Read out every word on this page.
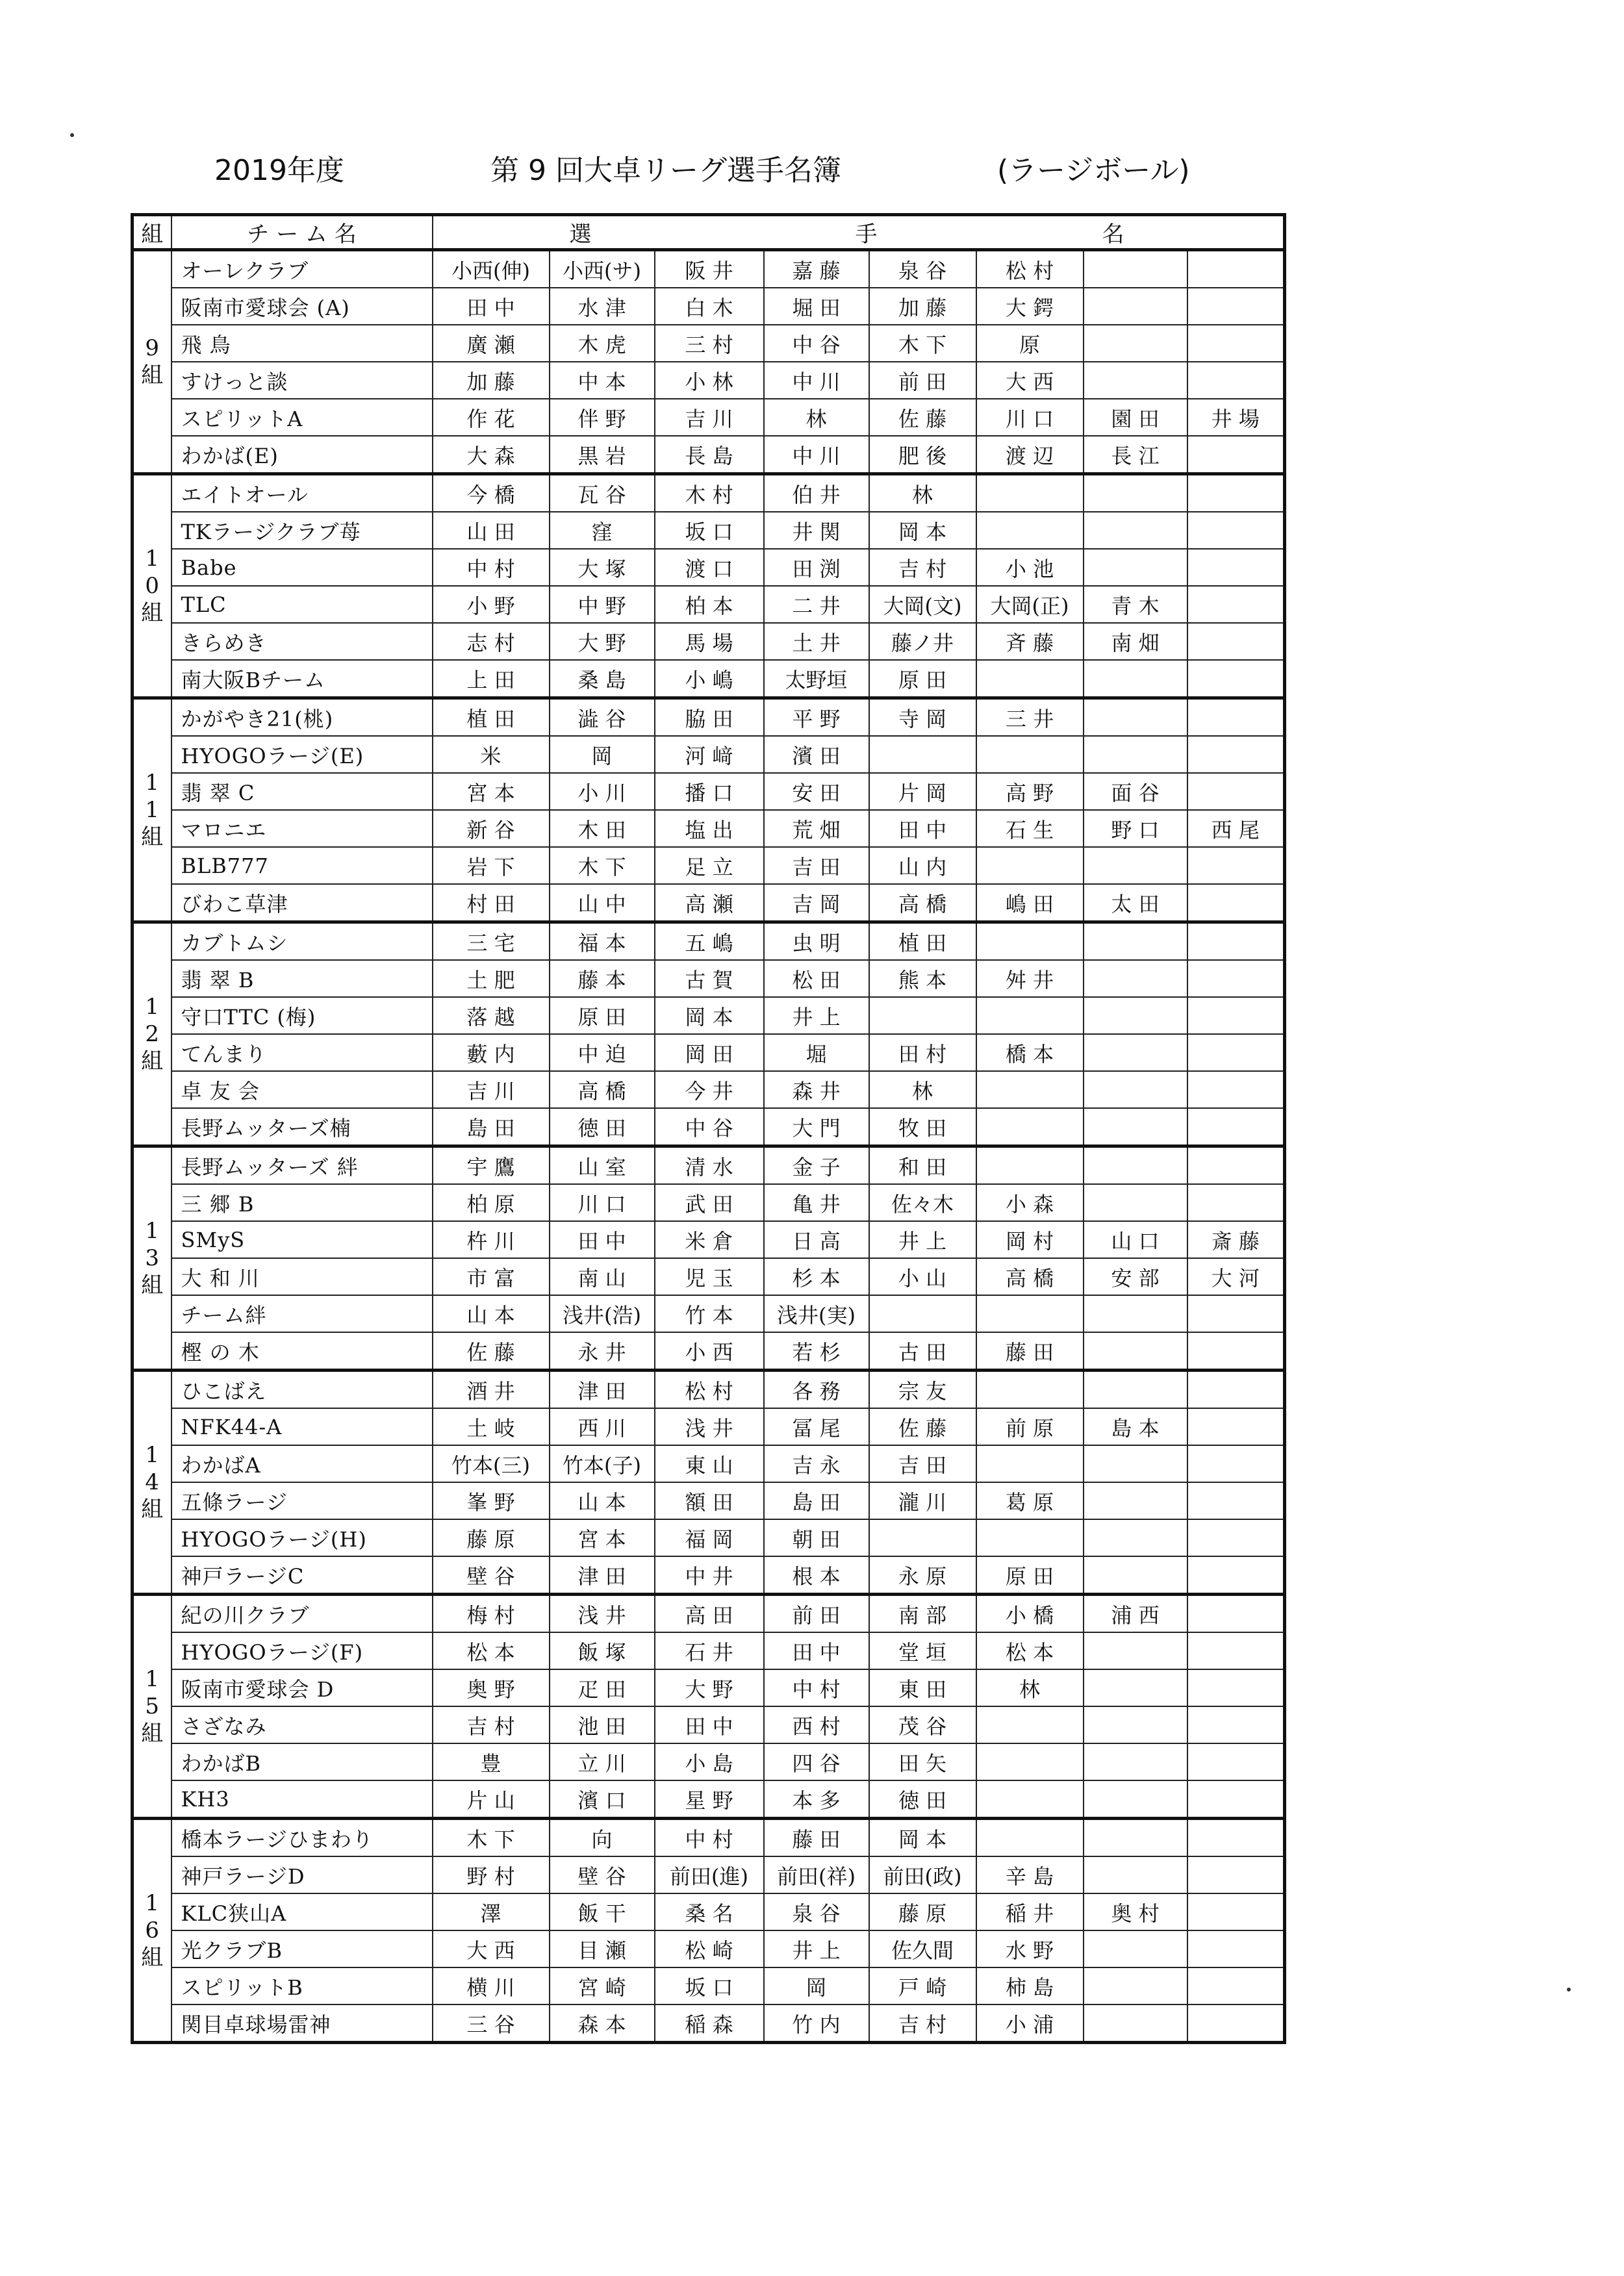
2019年度	第 9 回大卓リーグ選手名簿	(ラージボール)
組	チ ー ム 名	選 手 名							

9組	オーレクラブ	小西(伸)	小西(サ)	阪 井	嘉 藤	泉 谷	松 村		
	阪南市愛球会 (A)	田 中	水 津	白 木	堀 田	加 藤	大 鍔		
	飛 鳥	廣 瀬	木 虎	三 村	中 谷	木 下	原		
	すけっと談	加 藤	中 本	小 林	中 川	前 田	大 西		
	スピリットA	作 花	伴 野	吉 川	林	佐 藤	川 口	園 田	井 場
	わかば(E)	大 森	黒 岩	長 島	中 川	肥 後	渡 辺	長 江	
10組	エイトオール	今 橋	瓦 谷	木 村	伯 井	林			
	TKラージクラブ苺	山 田	窪	坂 口	井 関	岡 本			
	Babe	中 村	大 塚	渡 口	田 渕	吉 村	小 池		
	TLC	小 野	中 野	柏 本	二 井	大岡(文)	大岡(正)	青 木	
	きらめき	志 村	大 野	馬 場	土 井	藤ノ井	斉 藤	南 畑	
	南大阪Bチーム	上 田	桑 島	小 嶋	太野垣	原 田			
11組	かがやき21(桃)	植 田	澁 谷	脇 田	平 野	寺 岡	三 井		
	HYOGOラージ(E)	米	岡	河 﨑	濱 田				
	翡 翠 C	宮 本	小 川	播 口	安 田	片 岡	高 野	面 谷	
	マロニエ	新 谷	木 田	塩 出	荒 畑	田 中	石 生	野 口	西 尾
	BLB777	岩 下	木 下	足 立	吉 田	山 内			
	びわこ草津	村 田	山 中	高 瀬	吉 岡	高 橋	嶋 田	太 田	
12組	カブトムシ	三 宅	福 本	五 嶋	虫 明	植 田			
	翡 翠 B	土 肥	藤 本	古 賀	松 田	熊 本	舛 井		
	守口TTC (梅)	落 越	原 田	岡 本	井 上				
	てんまり	藪 内	中 迫	岡 田	堀	田 村	橋 本		
	卓 友 会	吉 川	高 橋	今 井	森 井	林			
	長野ムッターズ楠	島 田	徳 田	中 谷	大 門	牧 田			
13組	長野ムッターズ 絆	宇 鷹	山 室	清 水	金 子	和 田			
	三 郷 B	柏 原	川 口	武 田	亀 井	佐々木	小 森		
	SMyS	杵 川	田 中	米 倉	日 高	井 上	岡 村	山 口	斎 藤
	大 和 川	市 富	南 山	児 玉	杉 本	小 山	高 橋	安 部	大 河
	チーム絆	山 本	浅井(浩)	竹 本	浅井(実)				
	樫 の 木	佐 藤	永 井	小 西	若 杉	古 田	藤 田		
14組	ひこばえ	酒 井	津 田	松 村	各 務	宗 友			
	NFK44-A	土 岐	西 川	浅 井	冨 尾	佐 藤	前 原	島 本	
	わかばA	竹本(三)	竹本(子)	東 山	吉 永	吉 田			
	五條ラージ	峯 野	山 本	額 田	島 田	瀧 川	葛 原		
	HYOGOラージ(H)	藤 原	宮 本	福 岡	朝 田				
	神戸ラージC	壁 谷	津 田	中 井	根 本	永 原	原 田		
15組	紀の川クラブ	梅 村	浅 井	高 田	前 田	南 部	小 橋	浦 西	
	HYOGOラージ(F)	松 本	飯 塚	石 井	田 中	堂 垣	松 本		
	阪南市愛球会 D	奥 野	疋 田	大 野	中 村	東 田	林		
	さざなみ	吉 村	池 田	田 中	西 村	茂 谷			
	わかばB	豊	立 川	小 島	四 谷	田 矢			
	KH3	片 山	濱 口	星 野	本 多	徳 田			
16組	橋本ラージひまわり	木 下	向	中 村	藤 田	岡 本			
	神戸ラージD	野 村	壁 谷	前田(進)	前田(祥)	前田(政)	辛 島		
	KLC狭山A	澤	飯 干	桑 名	泉 谷	藤 原	稲 井	奥 村	
	光クラブB	大 西	目 瀬	松 崎	井 上	佐久間	水 野		
	スピリットB	横 川	宮 崎	坂 口	岡	戸 崎	柿 島		
	関目卓球場雷神	三 谷	森 本	稲 森	竹 内	吉 村	小 浦		
